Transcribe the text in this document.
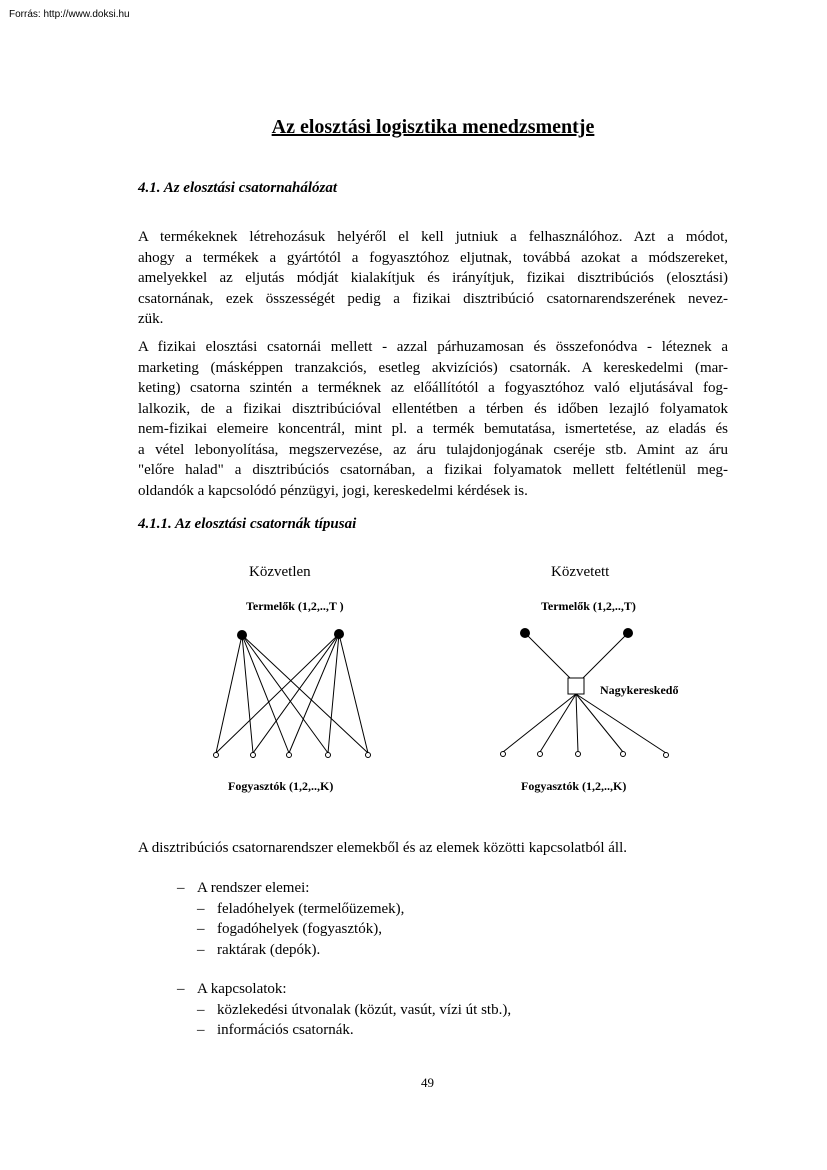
Forrás: http://www.doksi.hu
Az elosztási logisztika menedzsmentje
4.1. Az elosztási csatornahálózat
A termékeknek létrehozásuk helyéről el kell jutniuk a felhasználóhoz. Azt a módot,
ahogy a termékek a gyártótól a fogyasztóhoz eljutnak, továbbá azokat a módszereket,
amelyekkel az eljutás módját kialakítjuk és irányítjuk, fizikai disztribúciós (elosztási)
csatornának, ezek összességét pedig a fizikai disztribúció csatornarendszerének nevez-
zük.
A fizikai elosztási csatornái mellett - azzal párhuzamosan és összefonódva - léteznek a
marketing (másképpen tranzakciós, esetleg akvizíciós) csatornák. A kereskedelmi (mar-
keting) csatorna szintén a terméknek az előállítótól a fogyasztóhoz való eljutásával fog-
lalkozik, de a fizikai disztribúcióval ellentétben a térben és időben lezajló folyamatok
nem-fizikai elemeire koncentrál, mint pl. a termék bemutatása, ismertetése, az eladás és
a vétel lebonyolítása, megszervezése, az áru tulajdonjogának cseréje stb. Amint az áru
"előre halad" a disztribúciós csatornában, a fizikai folyamatok mellett feltétlenül meg-
oldandók a kapcsolódó pénzügyi, jogi, kereskedelmi kérdések is.
4.1.1. Az elosztási csatornák típusai
Közvetlen	Közvetett
Termelők (1,2,..,T )	Termelők (1,2,..,T)
Nagykereskedő
Fogyasztók (1,2,..,K)	Fogyasztók (1,2,..,K)
A disztribúciós csatornarendszer elemekből és az elemek közötti kapcsolatból áll.
– A rendszer elemei:
– feladóhelyek (termelőüzemek),
– fogadóhelyek (fogyasztók),
– raktárak (depók).
– A kapcsolatok:
– közlekedési útvonalak (közút, vasút, vízi út stb.),
– információs csatornák.
49
